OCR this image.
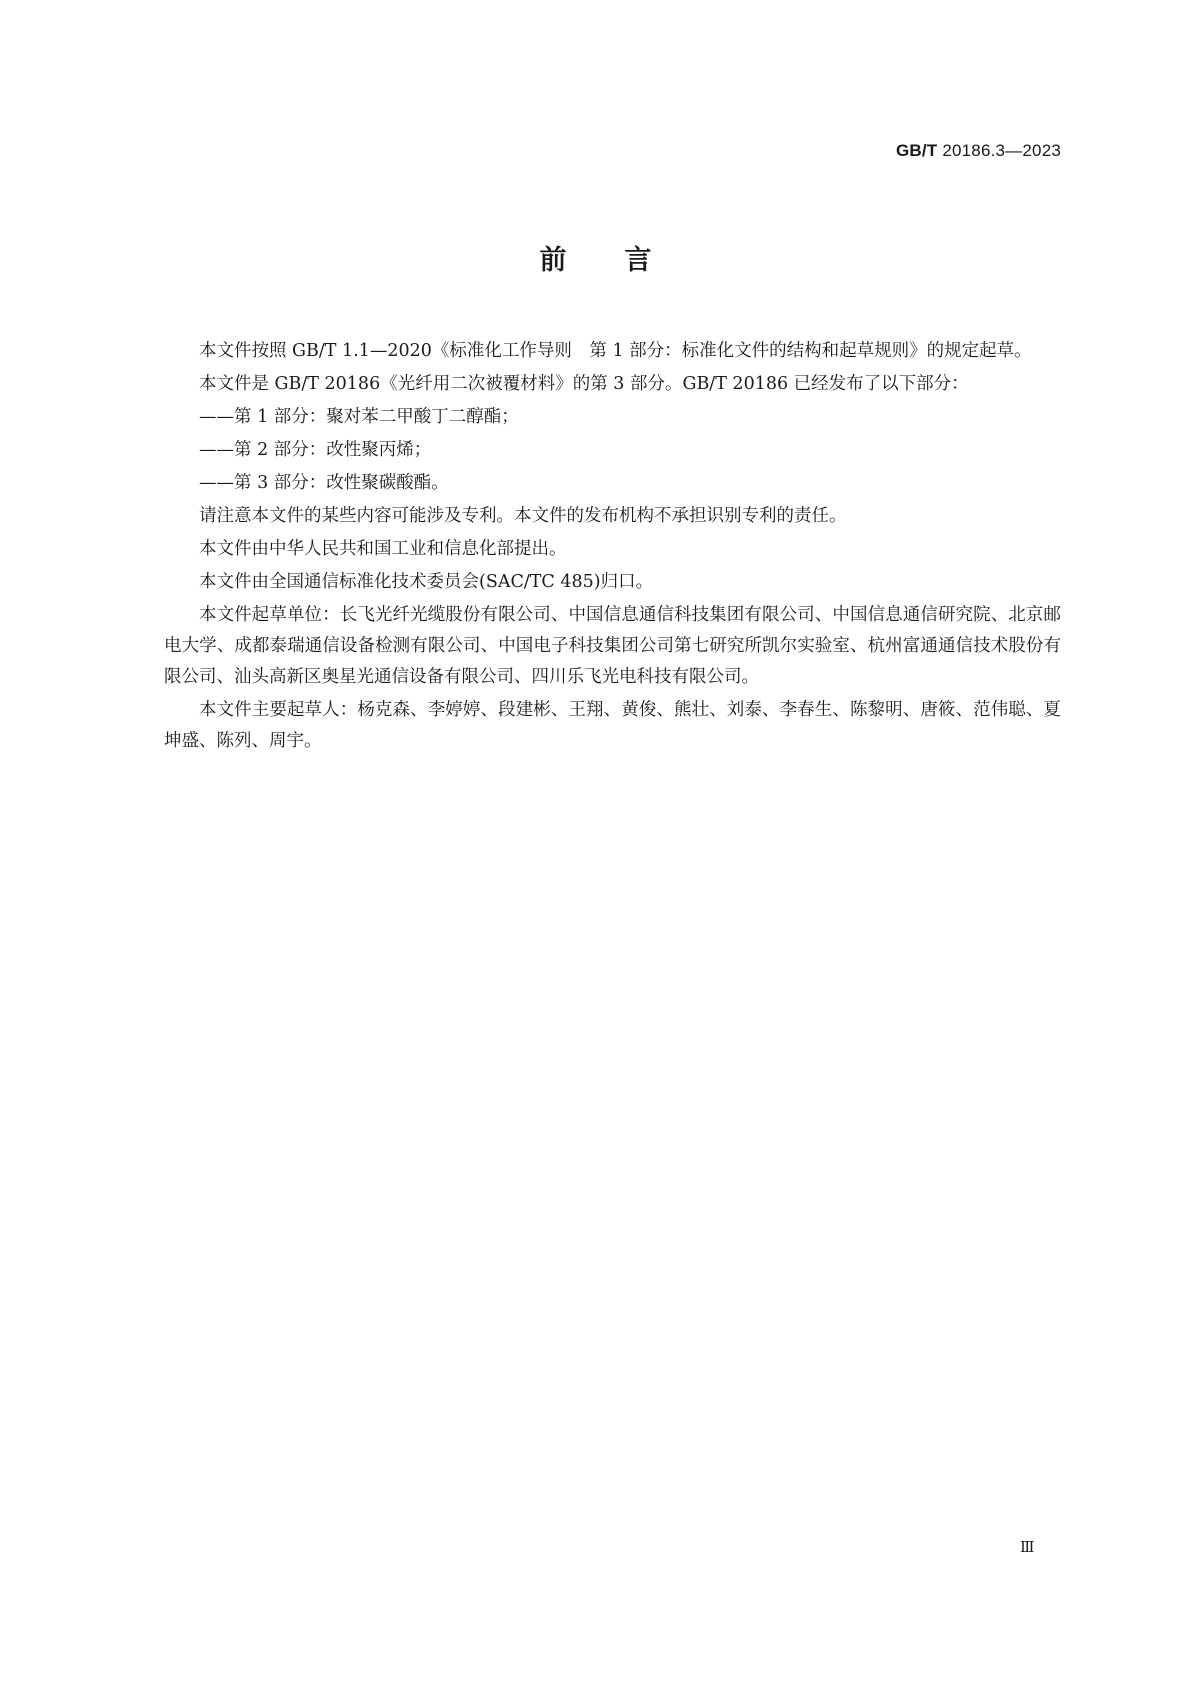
GB/T 20186.3—2023
前言

本文件按照 GB/T 1.1—2020《标准化工作导则　第 1 部分：标准化文件的结构和起草规则》的规定起草。

本文件是 GB/T 20186《光纤用二次被覆材料》的第 3 部分。GB/T 20186 已经发布了以下部分：

——第 1 部分：聚对苯二甲酸丁二醇酯；

——第 2 部分：改性聚丙烯；

——第 3 部分：改性聚碳酸酯。

请注意本文件的某些内容可能涉及专利。本文件的发布机构不承担识别专利的责任。

本文件由中华人民共和国工业和信息化部提出。

本文件由全国通信标准化技术委员会(SAC/TC 485)归口。

本文件起草单位：长飞光纤光缆股份有限公司、中国信息通信科技集团有限公司、中国信息通信研究院、北京邮电大学、成都泰瑞通信设备检测有限公司、中国电子科技集团公司第七研究所凯尔实验室、杭州富通通信技术股份有限公司、汕头高新区奥星光通信设备有限公司、四川乐飞光电科技有限公司。

本文件主要起草人：杨克森、李婷婷、段建彬、王翔、黄俊、熊壮、刘泰、李春生、陈黎明、唐筱、范伟聪、夏坤盛、陈列、周宇。

Ⅲ
